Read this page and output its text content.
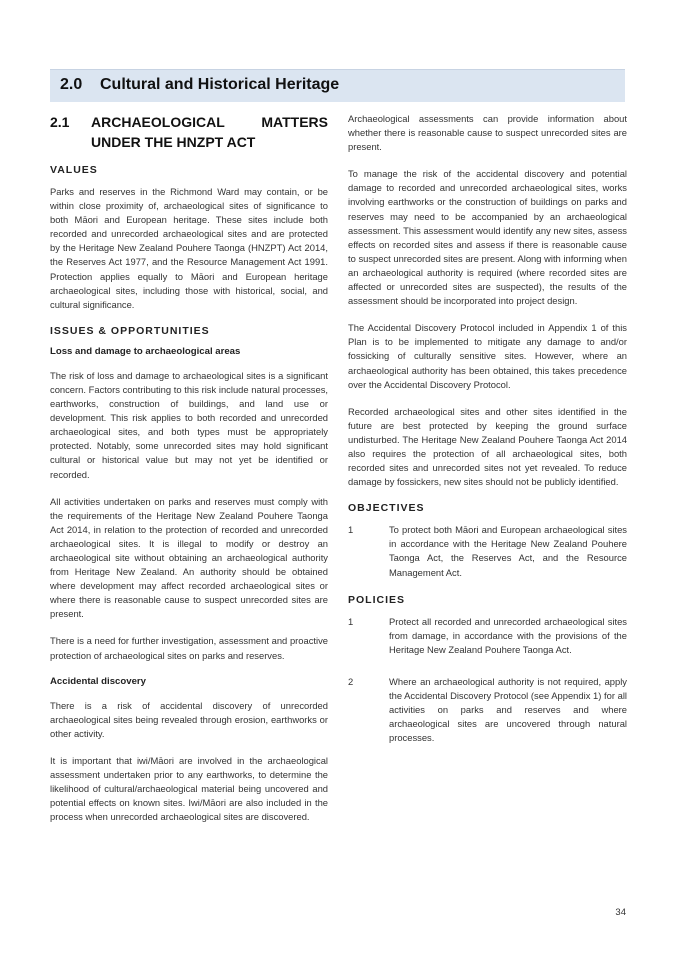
2.0 Cultural and Historical Heritage
2.1	ARCHAEOLOGICAL MATTERS UNDER THE HNZPT ACT
VALUES

Parks and reserves in the Richmond Ward may contain, or be within close proximity of, archaeological sites of significance to both Māori and European heritage. These sites include both recorded and unrecorded archaeological sites and are protected by the Heritage New Zealand Pouhere Taonga (HNZPT) Act 2014, the Reserves Act 1977, and the Resource Management Act 1991. Protection applies equally to Māori and European heritage archaeological sites, including those with historical, social, and cultural significance.

ISSUES & OPPORTUNITIES
Loss and damage to archaeological areas

The risk of loss and damage to archaeological sites is a significant concern. Factors contributing to this risk include natural processes, earthworks, construction of buildings, and land use or development. This risk applies to both recorded and unrecorded archaeological sites, and both types must be appropriately protected. Notably, some unrecorded sites may hold significant cultural or historical value but may not yet be identified or recorded.

All activities undertaken on parks and reserves must comply with the requirements of the Heritage New Zealand Pouhere Taonga Act 2014, in relation to the protection of recorded and unrecorded archaeological sites. It is illegal to modify or destroy an archaeological site without obtaining an archaeological authority from Heritage New Zealand. An authority should be obtained where development may affect recorded archaeological sites or where there is reasonable cause to suspect unrecorded sites are present.

There is a need for further investigation, assessment and proactive protection of archaeological sites on parks and reserves.

Accidental discovery

There is a risk of accidental discovery of unrecorded archaeological sites being revealed through erosion, earthworks or other activity.

It is important that iwi/Māori are involved in the archaeological assessment undertaken prior to any earthworks, to determine the likelihood of cultural/archaeological material being uncovered and potential effects on known sites. Iwi/Māori are also included in the process when unrecorded archaeological sites are discovered.

Archaeological assessments can provide information about whether there is reasonable cause to suspect unrecorded sites are present.

To manage the risk of the accidental discovery and potential damage to recorded and unrecorded archaeological sites, works involving earthworks or the construction of buildings on parks and reserves may need to be accompanied by an archaeological assessment. This assessment would identify any new sites, assess effects on recorded sites and assess if there is reasonable cause to suspect unrecorded sites are present. Along with informing when an archaeological authority is required (where recorded sites are affected or unrecorded sites are suspected), the results of the assessment should be incorporated into project design.

The Accidental Discovery Protocol included in Appendix 1 of this Plan is to be implemented to mitigate any damage to and/or fossicking of culturally sensitive sites. However, where an archaeological authority has been obtained, this takes precedence over the Accidental Discovery Protocol.

Recorded archaeological sites and other sites identified in the future are best protected by keeping the ground surface undisturbed. The Heritage New Zealand Pouhere Taonga Act 2014 also requires the protection of all archaeological sites, both recorded sites and unrecorded sites not yet revealed. To reduce damage by fossickers, new sites should not be publicly identified.

OBJECTIVES
1	To protect both Māori and European archaeological sites in accordance with the Heritage New Zealand Pouhere Taonga Act, the Reserves Act, and the Resource Management Act.
POLICIES
1	Protect all recorded and unrecorded archaeological sites from damage, in accordance with the provisions of the Heritage New Zealand Pouhere Taonga Act.
2	Where an archaeological authority is not required, apply the Accidental Discovery Protocol (see Appendix 1) for all activities on parks and reserves and where archaeological sites are uncovered through natural processes.
34
